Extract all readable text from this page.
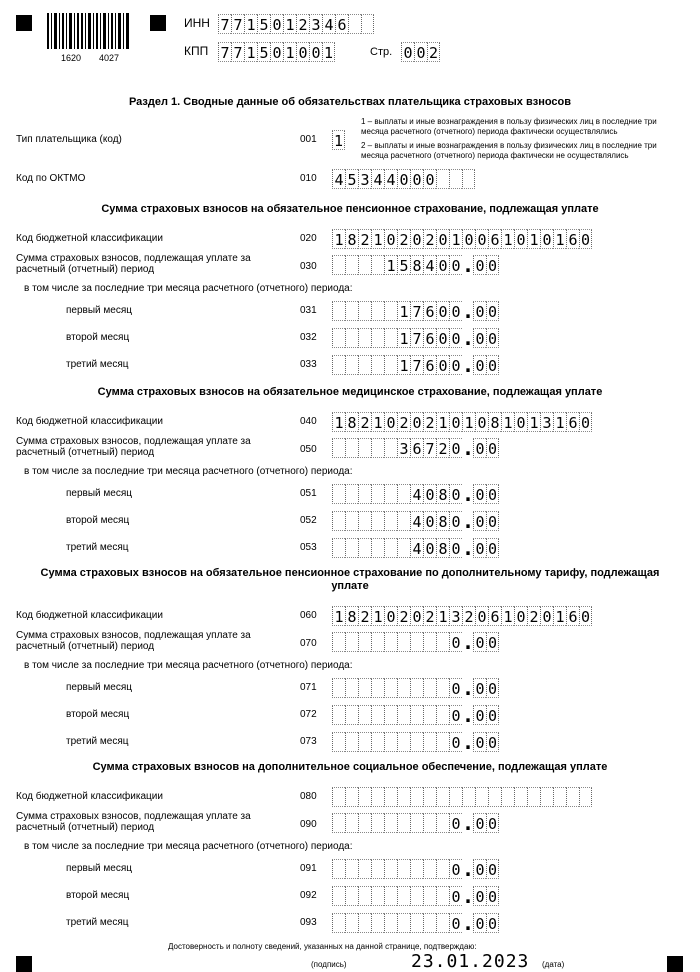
1620 4027
ИНН 7 7 1 5 0 1 2 3 4 6
КПП 7 7 1 5 0 1 0 0 1	Стр. 0 0 2
Раздел 1. Сводные данные об обязательствах плательщика страховых взносов
Тип плательщика (код)	001 1
1 – выплаты и иные вознаграждения в пользу физических лиц в последние три месяца расчетного (отчетного) периода фактически осуществлялись
2 – выплаты и иные вознаграждения в пользу физических лиц в последние три месяца расчетного (отчетного) периода фактически не осуществлялись
Код по ОКТМО	010 4 5 3 4 4 0 0 0
Сумма страховых взносов на обязательное пенсионное страхование, подлежащая уплате
Код бюджетной классификации	020 1 8 2 1 0 2 0 2 0 1 0 0 6 1 0 1 0 1 6 0
Сумма страховых взносов, подлежащая уплате за
расчетный (отчетный) период	030	1 5 8 4 0 0 . 0 0
в том числе за последние три месяца расчетного (отчетного) периода:
первый месяц	031	1 7 6 0 0 . 0 0
второй месяц	032	1 7 6 0 0 . 0 0
третий месяц	033	1 7 6 0 0 . 0 0
Сумма страховых взносов на обязательное медицинское страхование, подлежащая уплате
Код бюджетной классификации	040 1 8 2 1 0 2 0 2 1 0 1 0 8 1 0 1 3 1 6 0
Сумма страховых взносов, подлежащая уплате за
расчетный (отчетный) период	050	3 6 7 2 0 . 0 0
в том числе за последние три месяца расчетного (отчетного) периода:
первый месяц	051	4 0 8 0 . 0 0
второй месяц	052	4 0 8 0 . 0 0
третий месяц	053	4 0 8 0 . 0 0
Сумма страховых взносов на обязательное пенсионное страхование по дополнительному тарифу, подлежащая
уплате
Код бюджетной классификации	060 1 8 2 1 0 2 0 2 1 3 2 0 6 1 0 2 0 1 6 0
Сумма страховых взносов, подлежащая уплате за
расчетный (отчетный) период	070	0 . 0 0
в том числе за последние три месяца расчетного (отчетного) периода:
первый месяц	071	0 . 0 0
второй месяц	072	0 . 0 0
третий месяц	073	0 . 0 0
Сумма страховых взносов на дополнительное социальное обеспечение, подлежащая уплате
Код бюджетной классификации	080
Сумма страховых взносов, подлежащая уплате за
расчетный (отчетный) период	090	0 . 0 0
в том числе за последние три месяца расчетного (отчетного) периода:
первый месяц	091	0 . 0 0
второй месяц	092	0 . 0 0
третий месяц	093	0 . 0 0
Достоверность и полноту сведений, указанных на данной странице, подтверждаю:
(подпись)	23.01.2023 (дата)
